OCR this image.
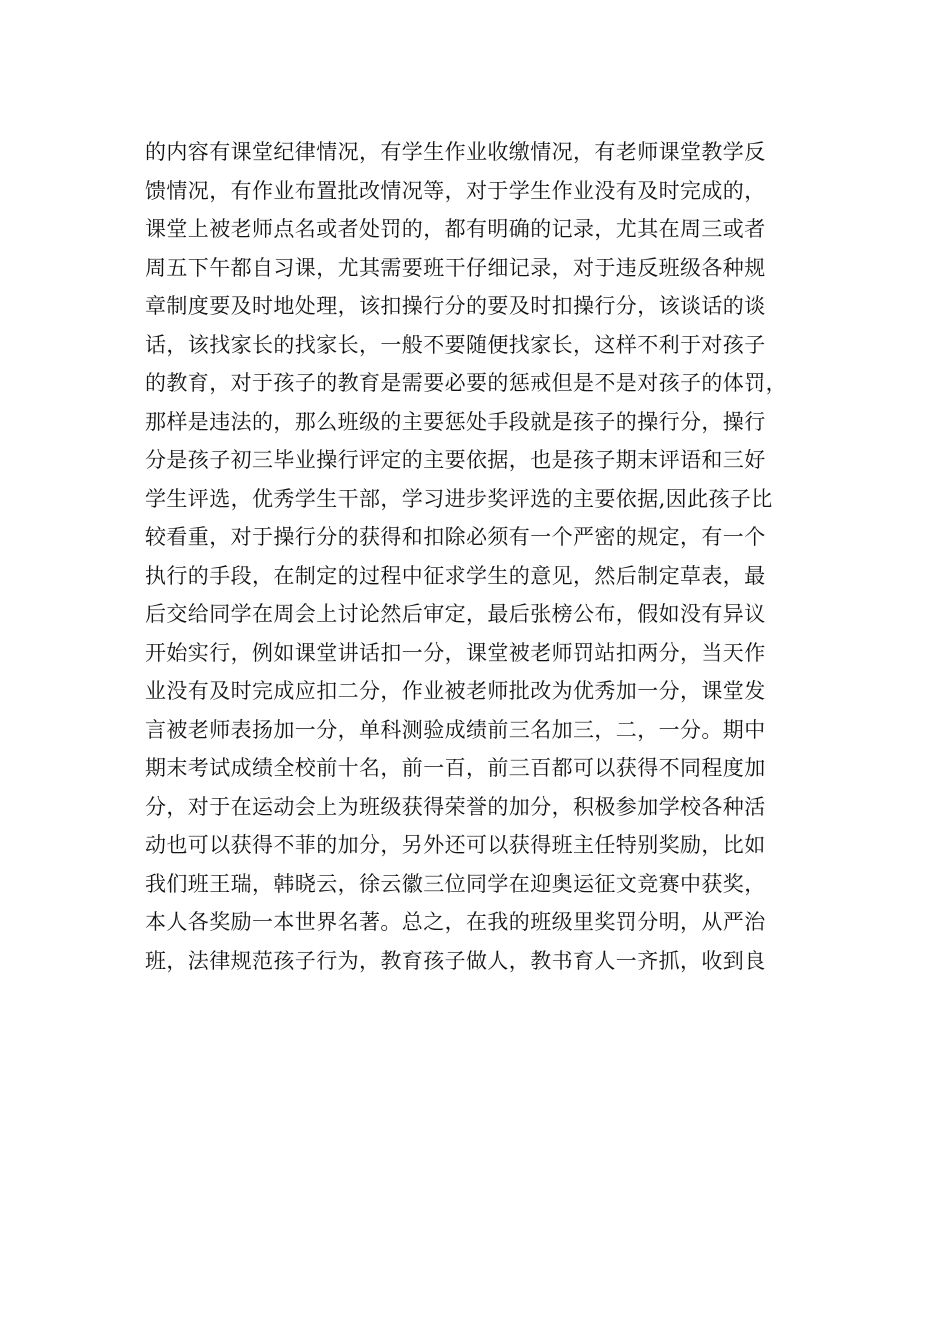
的内容有课堂纪律情况，有学生作业收缴情况，有老师课堂教学反
馈情况，有作业布置批改情况等，对于学生作业没有及时完成的，
课堂上被老师点名或者处罚的，都有明确的记录，尤其在周三或者
周五下午都自习课，尤其需要班干仔细记录，对于违反班级各种规
章制度要及时地处理，该扣操行分的要及时扣操行分，该谈话的谈
话，该找家长的找家长，一般不要随便找家长，这样不利于对孩子
的教育，对于孩子的教育是需要必要的惩戒但是不是对孩子的体罚，
那样是违法的，那么班级的主要惩处手段就是孩子的操行分，操行
分是孩子初三毕业操行评定的主要依据，也是孩子期末评语和三好
学生评选，优秀学生干部，学习进步奖评选的主要依据,因此孩子比
较看重，对于操行分的获得和扣除必须有一个严密的规定，有一个
执行的手段，在制定的过程中征求学生的意见，然后制定草表，最
后交给同学在周会上讨论然后审定，最后张榜公布，假如没有异议
开始实行，例如课堂讲话扣一分，课堂被老师罚站扣两分，当天作
业没有及时完成应扣二分，作业被老师批改为优秀加一分，课堂发
言被老师表扬加一分，单科测验成绩前三名加三，二，一分。期中
期末考试成绩全校前十名，前一百，前三百都可以获得不同程度加
分，对于在运动会上为班级获得荣誉的加分，积极参加学校各种活
动也可以获得不菲的加分，另外还可以获得班主任特别奖励，比如
我们班王瑞，韩晓云，徐云徽三位同学在迎奥运征文竞赛中获奖，
本人各奖励一本世界名著。总之，在我的班级里奖罚分明，从严治
班，法律规范孩子行为，教育孩子做人，教书育人一齐抓，收到良
